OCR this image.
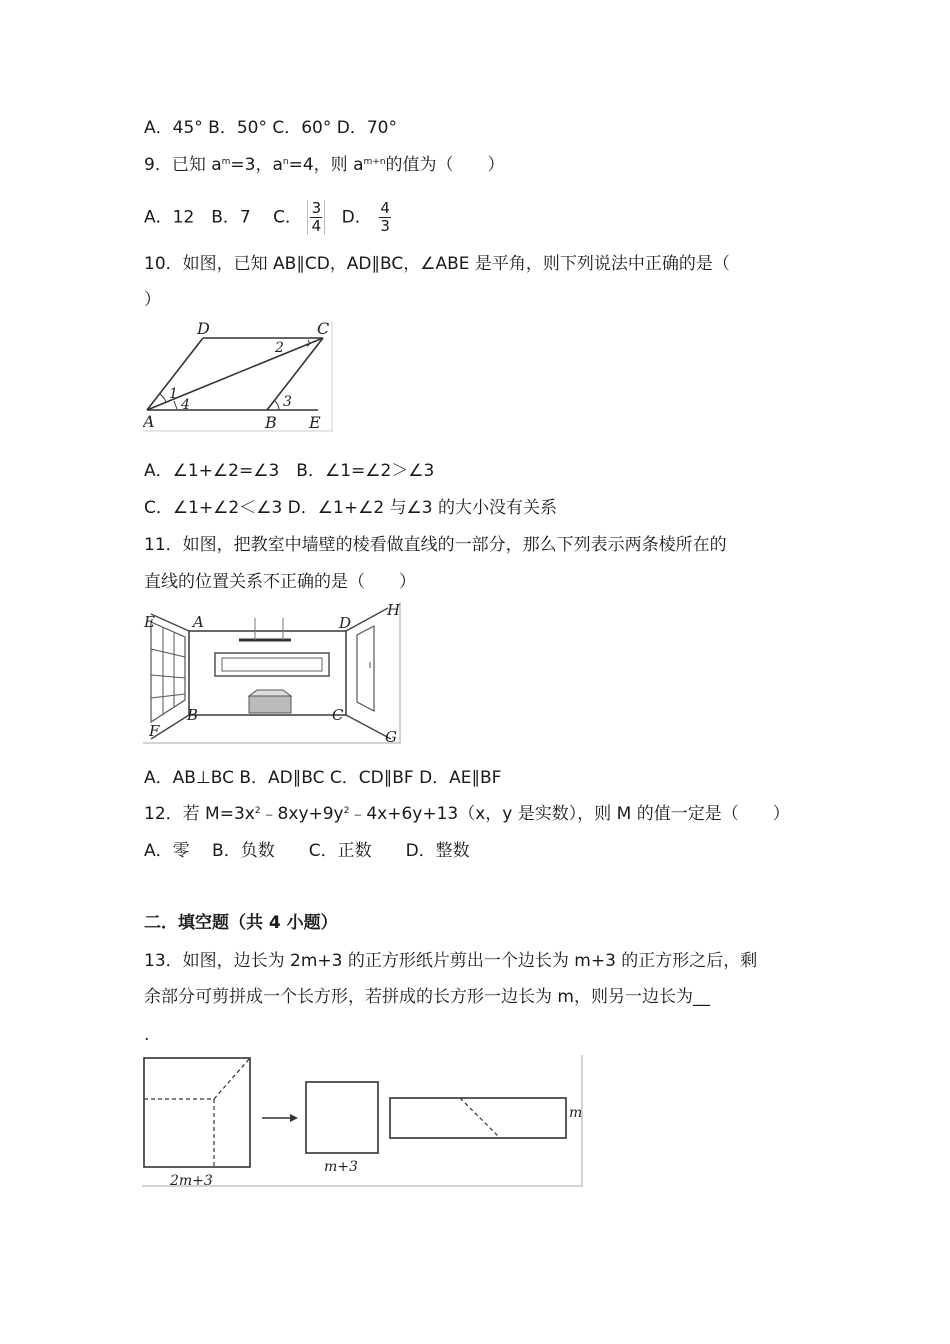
A．45° B．50° C．60° D．70°
9．已知 $a^m=3$，$a^n=4$，则 $a^{m+n}$的值为（　　）
A．12　B．7　 C． $\frac{3}{4}$ D． $\frac{4}{3}$
10．如图，已知 AB∥CD，AD∥BC，∠ABE 是平角，则下列说法中正确的是（
）
D	C
A	B E
1
2
3
4
A．∠1+∠2=∠3　B．∠1=∠2＞∠3
C．∠1+∠2＜∠3 D．∠1+∠2 与∠3 的大小没有关系
11．如图，把教室中墙壁的棱看做直线的一部分，那么下列表示两条棱所在的
直线的位置关系不正确的是（　　）
E	A	D
H
B	C
F	G
A．AB⊥BC B．AD∥BC C．CD∥BF D．AE∥BF
12．若 $M=3x^2﹣8xy+9y^2﹣4x+6y+13(x$，y 是实数），则 M 的值一定是（　　）
A．零　 B．负数　　C．正数　　D．整数
二．填空题（共 4 小题）
13．如图，边长为 2m+3 的正方形纸片剪出一个边长为 m+3 的正方形之后，剩
余部分可剪拼成一个长方形，若拼成的长方形一边长为 m，则另一边长为__
.
2m+3
m+3
m
